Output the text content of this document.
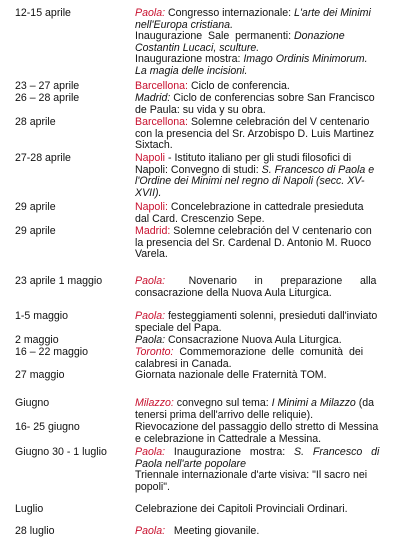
12-15 aprile	Paola: Congresso internazionale: L'arte dei Minimi
nell'Europa cristiana.
Inaugurazione  Sale  permanenti: Donazione
Costantin Lucaci, sculture.
Inaugurazione mostra: Imago Ordinis Minimorum.
La magia delle incisioni.
23 – 27 aprile	Barcellona: Ciclo de conferencia.
26 – 28 aprile	Madrid: Ciclo de conferencias sobre San Francisco
de Paula: su vida y su obra.
28 aprile	Barcellona: Solemne celebración del V centenario
con la presencia del Sr. Arzobispo D. Luis Martinez
Sixtach.
27-28 aprile	Napoli - Istituto italiano per gli studi filosofici di
Napoli: Convegno di studi: S. Francesco di Paola e
l'Ordine dei Minimi nel regno di Napoli (secc. XV-
XVII).
29 aprile	Napoli: Concelebrazione in cattedrale presieduta
dal Card. Crescenzio Sepe.
29 aprile	Madrid: Solemne celebración del V centenario con
la presencia del Sr. Cardenal D. Antonio M. Ruoco
Varela.
23 aprile 1 maggio	Paola:        Novenario      in      preparazione      alla
consacrazione della Nuova Aula Liturgica.
1-5 maggio	Paola: festeggiamenti solenni, presieduti dall'inviato
speciale del Papa.
2 maggio	Paola: Consacrazione Nuova Aula Liturgica.
16 – 22 maggio	Toronto:  Commemorazione  delle  comunità  dei
calabresi in Canada.
27 maggio	Giornata nazionale delle Fraternità TOM.
Giugno	Milazzo: convegno sul tema: I Minimi a Milazzo (da
tenersi prima dell'arrivo delle reliquie).
16- 25 giugno	Rievocazione del passaggio dello stretto di Messina
e celebrazione in Cattedrale a Messina.
Giugno 30 - 1 luglio	Paola:   Inaugurazione   mostra:   S.   Francesco   di
Paola nell'arte popolare
Triennale internazionale d'arte visiva: "Il sacro nei
popoli".
Luglio	Celebrazione dei Capitoli Provinciali Ordinari.
28 luglio	Paola:   Meeting giovanile.
